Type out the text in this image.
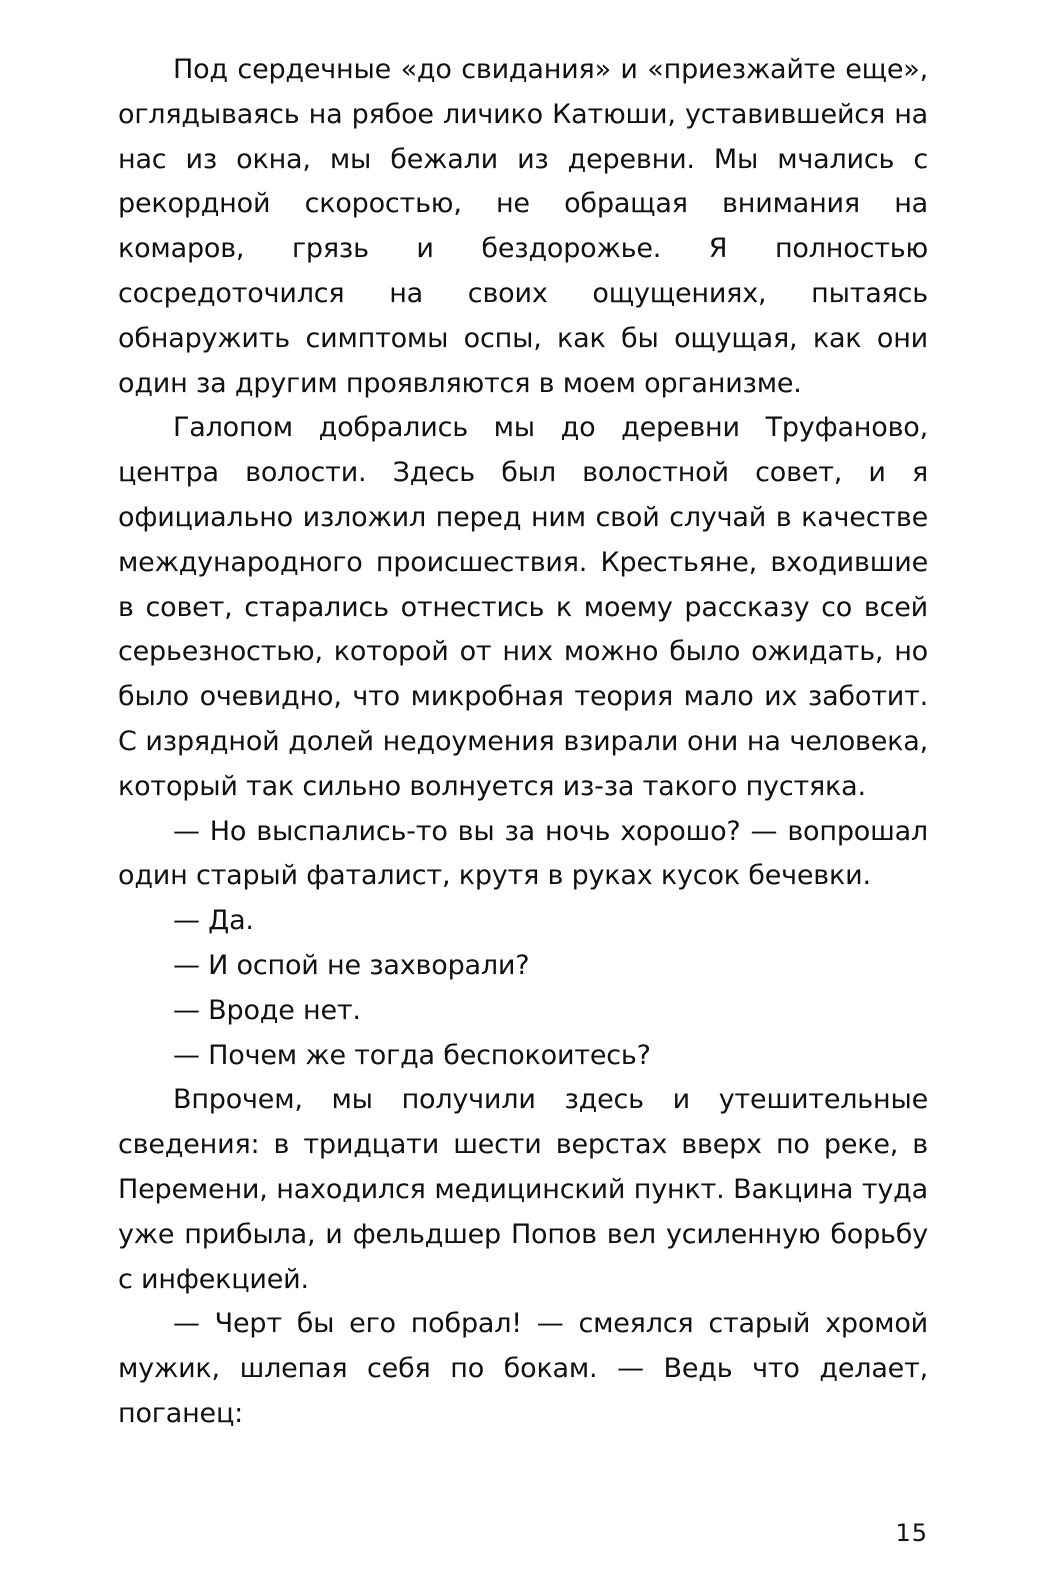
Под сердечные «до свидания» и «приезжайте еще», оглядываясь на рябое личико Катюши, уставившейся на нас из окна, мы бежали из деревни. Мы мчались с рекордной скоростью, не обращая внимания на комаров, грязь и бездорожье. Я полностью сосредоточился на своих ощущениях, пытаясь обнаружить симптомы оспы, как бы ощущая, как они один за другим проявляются в моем организме.

Галопом добрались мы до деревни Труфаново, центра волости. Здесь был волостной совет, и я официально изложил перед ним свой случай в качестве международного происшествия. Крестьяне, входившие в совет, старались отнестись к моему рассказу со всей серьезностью, которой от них можно было ожидать, но было очевидно, что микробная теория мало их заботит. С изрядной долей недоумения взирали они на человека, который так сильно волнуется из-за такого пустяка.

— Но выспались-то вы за ночь хорошо? — вопрошал один старый фаталист, крутя в руках кусок бечевки.

— Да.

— И оспой не захворали?

— Вроде нет.

— Почем же тогда беспокоитесь?

Впрочем, мы получили здесь и утешительные сведения: в тридцати шести верстах вверх по реке, в Перемени, находился медицинский пункт. Вакцина туда уже прибыла, и фельдшер Попов вел усиленную борьбу с инфекцией.

— Черт бы его побрал! — смеялся старый хромой мужик, шлепая себя по бокам. — Ведь что делает, поганец:

15
